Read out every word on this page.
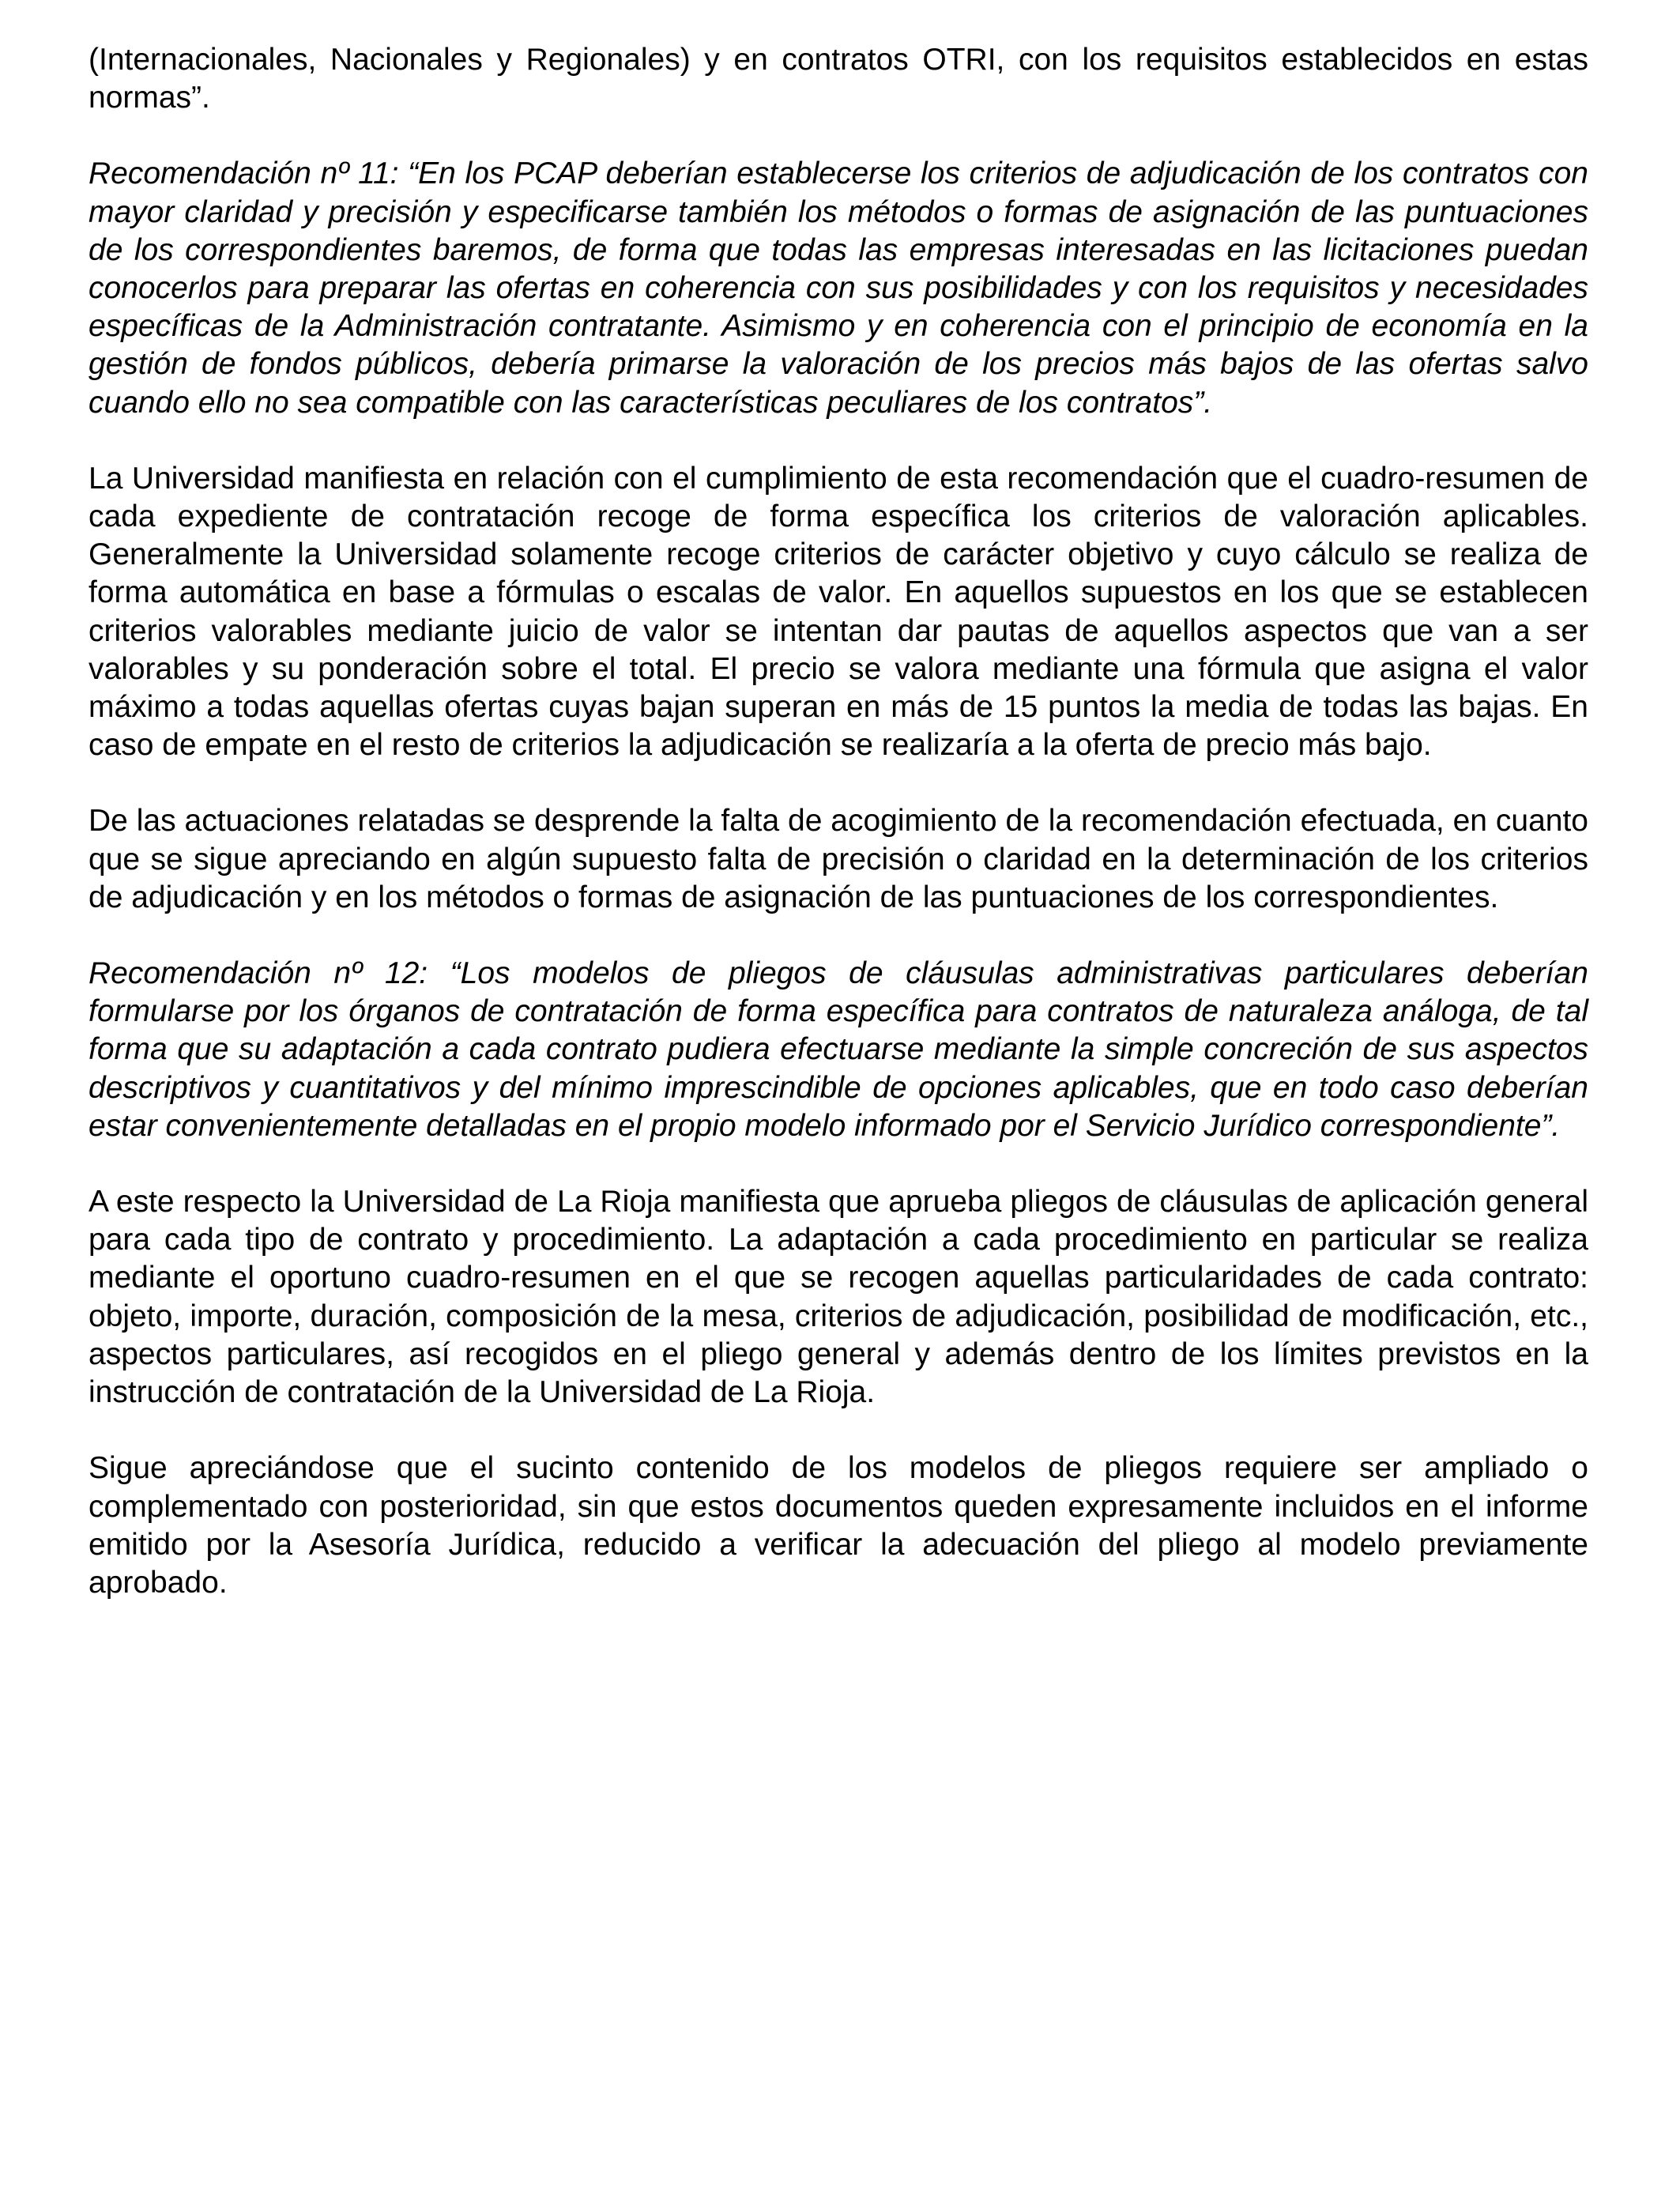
(Internacionales, Nacionales y Regionales) y en contratos OTRI, con los requisitos establecidos en estas normas”.

Recomendación nº 11: “En los PCAP deberían establecerse los criterios de adjudicación de los contratos con mayor claridad y precisión y especificarse también los métodos o formas de asignación de las puntuaciones de los correspondientes baremos, de forma que todas las empresas interesadas en las licitaciones puedan conocerlos para preparar las ofertas en coherencia con sus posibilidades y con los requisitos y necesidades específicas de la Administración contratante. Asimismo y en coherencia con el principio de economía en la gestión de fondos públicos, debería primarse la valoración de los precios más bajos de las ofertas salvo cuando ello no sea compatible con las características peculiares de los contratos”.

La Universidad manifiesta en relación con el cumplimiento de esta recomendación que el cuadro-resumen de cada expediente de contratación recoge de forma específica los criterios de valoración aplicables. Generalmente la Universidad solamente recoge criterios de carácter objetivo y cuyo cálculo se realiza de forma automática en base a fórmulas o escalas de valor. En aquellos supuestos en los que se establecen criterios valorables mediante juicio de valor se intentan dar pautas de aquellos aspectos que van a ser valorables y su ponderación sobre el total. El precio se valora mediante una fórmula que asigna el valor máximo a todas aquellas ofertas cuyas bajan superan en más de 15 puntos la media de todas las bajas. En caso de empate en el resto de criterios la adjudicación se realizaría a la oferta de precio más bajo.

De las actuaciones relatadas se desprende la falta de acogimiento de la recomendación efectuada, en cuanto que se sigue apreciando en algún supuesto falta de precisión o claridad en la determinación de los criterios de adjudicación y en los métodos o formas de asignación de las puntuaciones de los correspondientes.

Recomendación nº 12: “Los modelos de pliegos de cláusulas administrativas particulares deberían formularse por los órganos de contratación de forma específica para contratos de naturaleza análoga, de tal forma que su adaptación a cada contrato pudiera efectuarse mediante la simple concreción de sus aspectos descriptivos y cuantitativos y del mínimo imprescindible de opciones aplicables, que en todo caso deberían estar convenientemente detalladas en el propio modelo informado por el Servicio Jurídico correspondiente”.

A este respecto la Universidad de La Rioja manifiesta que aprueba pliegos de cláusulas de aplicación general para cada tipo de contrato y procedimiento. La adaptación a cada procedimiento en particular se realiza mediante el oportuno cuadro-resumen en el que se recogen aquellas particularidades de cada contrato: objeto, importe, duración, composición de la mesa, criterios de adjudicación, posibilidad de modificación, etc., aspectos particulares, así recogidos en el pliego general y además dentro de los límites previstos en la instrucción de contratación de la Universidad de La Rioja.

Sigue apreciándose que el sucinto contenido de los modelos de pliegos requiere ser ampliado o complementado con posterioridad, sin que estos documentos queden expresamente incluidos en el informe emitido por la Asesoría Jurídica, reducido a verificar la adecuación del pliego al modelo previamente aprobado.
